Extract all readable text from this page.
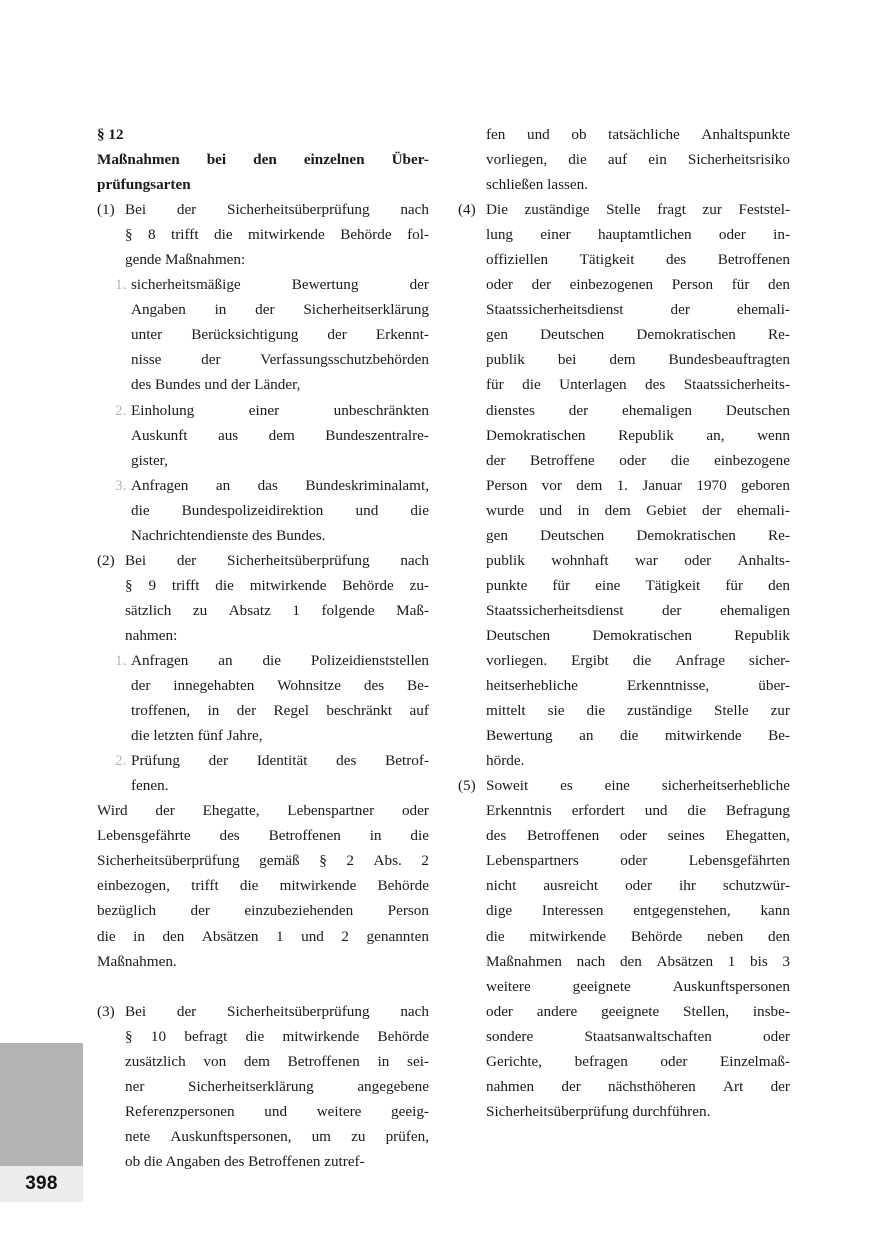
398
§ 12
Maßnahmen bei den einzelnen Über-
prüfungsarten
(1) Bei der Sicherheitsüberprüfung nach
§ 8 trifft die mitwirkende Behörde fol-
gende Maßnahmen:
1. sicherheitsmäßige	Bewertung	der
Angaben in der Sicherheitserklärung
unter Berücksichtigung der Erkennt-
nisse	der	Verfassungsschutzbehörden
des Bundes und der Länder,
2. Einholung	einer	unbeschränkten
Auskunft aus dem Bundeszentralre-
gister,
3. Anfragen an das Bundeskriminalamt,
die Bundespolizeidirektion und die
Nachrichtendienste des Bundes.
(2) Bei der Sicherheitsüberprüfung nach
§ 9 trifft die mitwirkende Behörde zu-
sätzlich zu Absatz 1 folgende Maß-
nahmen:
1. Anfragen an die Polizeidienststellen
der innegehabten Wohnsitze des Be-
troffenen, in der Regel beschränkt auf
die letzten fünf Jahre,
2. Prüfung der Identität des Betrof-
fenen.
Wird der Ehegatte, Lebenspartner oder
Lebensgefährte des Betroffenen in die
Sicherheitsüberprüfung gemäß § 2 Abs. 2
einbezogen, trifft die mitwirkende Behörde
bezüglich der einzubeziehenden Person
die in den Absätzen 1 und 2 genannten
Maßnahmen.
(3) Bei der Sicherheitsüberprüfung nach
§ 10 befragt die mitwirkende Behörde
zusätzlich von dem Betroffenen in sei-
ner	Sicherheitserklärung	angegebene
Referenzpersonen und weitere geeig-
nete Auskunftspersonen, um zu prüfen,
ob die Angaben des Betroffenen zutref-
fen und ob tatsächliche Anhaltspunkte
vorliegen, die auf ein Sicherheitsrisiko
schließen lassen.
(4) Die zuständige Stelle fragt zur Feststel-
lung einer hauptamtlichen oder in-
offiziellen Tätigkeit des Betroffenen
oder der einbezogenen Person für den
Staatssicherheitsdienst	der	ehemali-
gen Deutschen Demokratischen Re-
publik bei dem Bundesbeauftragten
für die Unterlagen des Staatssicherheits-
dienstes der ehemaligen Deutschen
Demokratischen Republik an, wenn
der Betroffene oder die einbezogene
Person vor dem 1. Januar 1970 geboren
wurde und in dem Gebiet der ehemali-
gen Deutschen Demokratischen Re-
publik wohnhaft war oder Anhalts-
punkte für eine Tätigkeit für den
Staatssicherheitsdienst	der	ehemaligen
Deutschen	Demokratischen	Republik
vorliegen. Ergibt die Anfrage sicher-
heitserhebliche	Erkenntnisse,	über-
mittelt sie die zuständige Stelle zur
Bewertung an die mitwirkende Be-
hörde.
(5) Soweit es eine sicherheitserhebliche
Erkenntnis erfordert und die Befragung
des Betroffenen oder seines Ehegatten,
Lebenspartners	oder	Lebensgefährten
nicht ausreicht oder ihr schutzwür-
dige Interessen entgegenstehen, kann
die mitwirkende Behörde neben den
Maßnahmen nach den Absätzen 1 bis 3
weitere	geeignete	Auskunftspersonen
oder andere geeignete Stellen, insbe-
sondere	Staatsanwaltschaften	oder
Gerichte, befragen oder Einzelmaß-
nahmen der nächsthöheren Art der
Sicherheitsüberprüfung durchführen.
